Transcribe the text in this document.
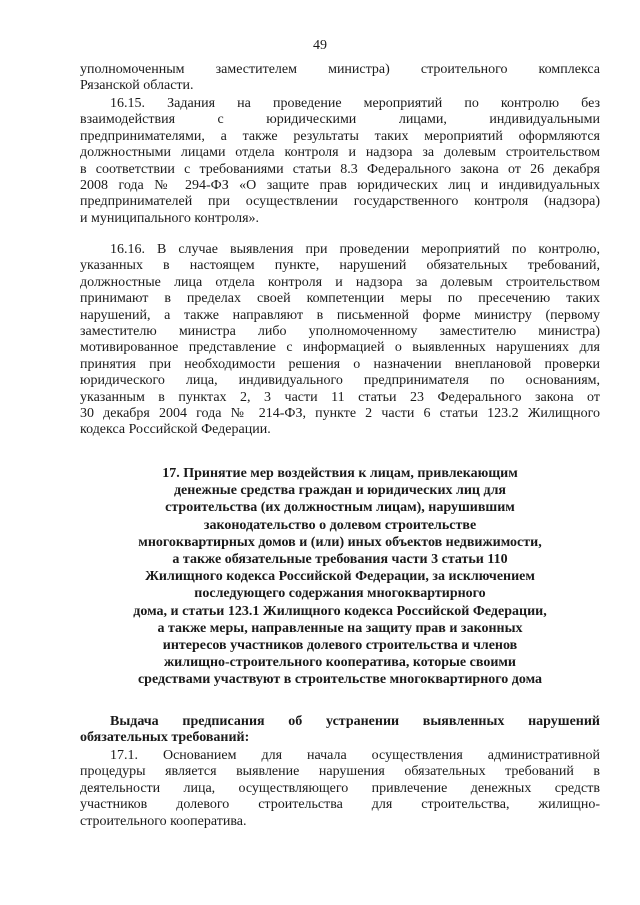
49
уполномоченным заместителем министра) строительного комплекса
Рязанской области.
16.15. Задания на проведение мероприятий по контролю без
взаимодействия с юридическими лицами, индивидуальными
предпринимателями, а также результаты таких мероприятий оформляются
должностными лицами отдела контроля и надзора за долевым строительством
в соответствии с требованиями статьи 8.3 Федерального закона от 26 декабря
2008 года № 294-ФЗ «О защите прав юридических лиц и индивидуальных
предпринимателей при осуществлении государственного контроля (надзора)
и муниципального контроля».
16.16. В случае выявления при проведении мероприятий по контролю,
указанных в настоящем пункте, нарушений обязательных требований,
должностные лица отдела контроля и надзора за долевым строительством
принимают в пределах своей компетенции меры по пресечению таких
нарушений, а также направляют в письменной форме министру (первому
заместителю министра либо уполномоченному заместителю министра)
мотивированное представление с информацией о выявленных нарушениях для
принятия при необходимости решения о назначении внеплановой проверки
юридического лица, индивидуального предпринимателя по основаниям,
указанным в пунктах 2, 3 части 11 статьи 23 Федерального закона от
30 декабря 2004 года № 214-ФЗ, пункте 2 части 6 статьи 123.2 Жилищного
кодекса Российской Федерации.
17. Принятие мер воздействия к лицам, привлекающим
денежные средства граждан и юридических лиц для
строительства (их должностным лицам), нарушившим
законодательство о долевом строительстве
многоквартирных домов и (или) иных объектов недвижимости,
а также обязательные требования части 3 статьи 110
Жилищного кодекса Российской Федерации, за исключением
последующего содержания многоквартирного
дома, и статьи 123.1 Жилищного кодекса Российской Федерации,
а также меры, направленные на защиту прав и законных
интересов участников долевого строительства и членов
жилищно-строительного кооператива, которые своими
средствами участвуют в строительстве многоквартирного дома
Выдача предписания об устранении выявленных нарушений
обязательных требований:
17.1. Основанием для начала осуществления административной
процедуры является выявление нарушения обязательных требований в
деятельности лица, осуществляющего привлечение денежных средств
участников долевого строительства для строительства, жилищно-
строительного кооператива.
